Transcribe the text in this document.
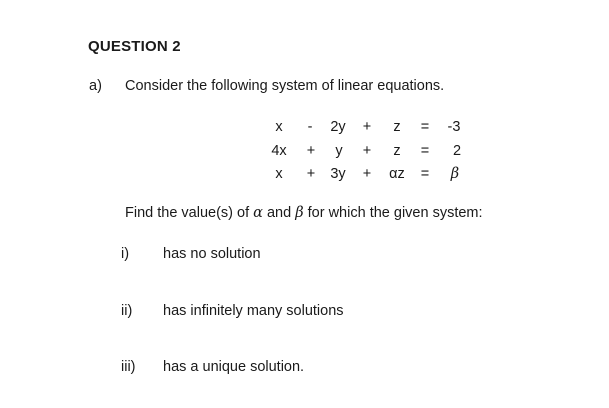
QUESTION 2
a) Consider the following system of linear equations.
x	-	2y	+	z	=	-3
4x	+	y	+	z	=	2
x	+	3y	+	αz	=	β
Find the value(s) of α and β for which the given system:
i) has no solution
ii) has infinitely many solutions
iii) has a unique solution.
